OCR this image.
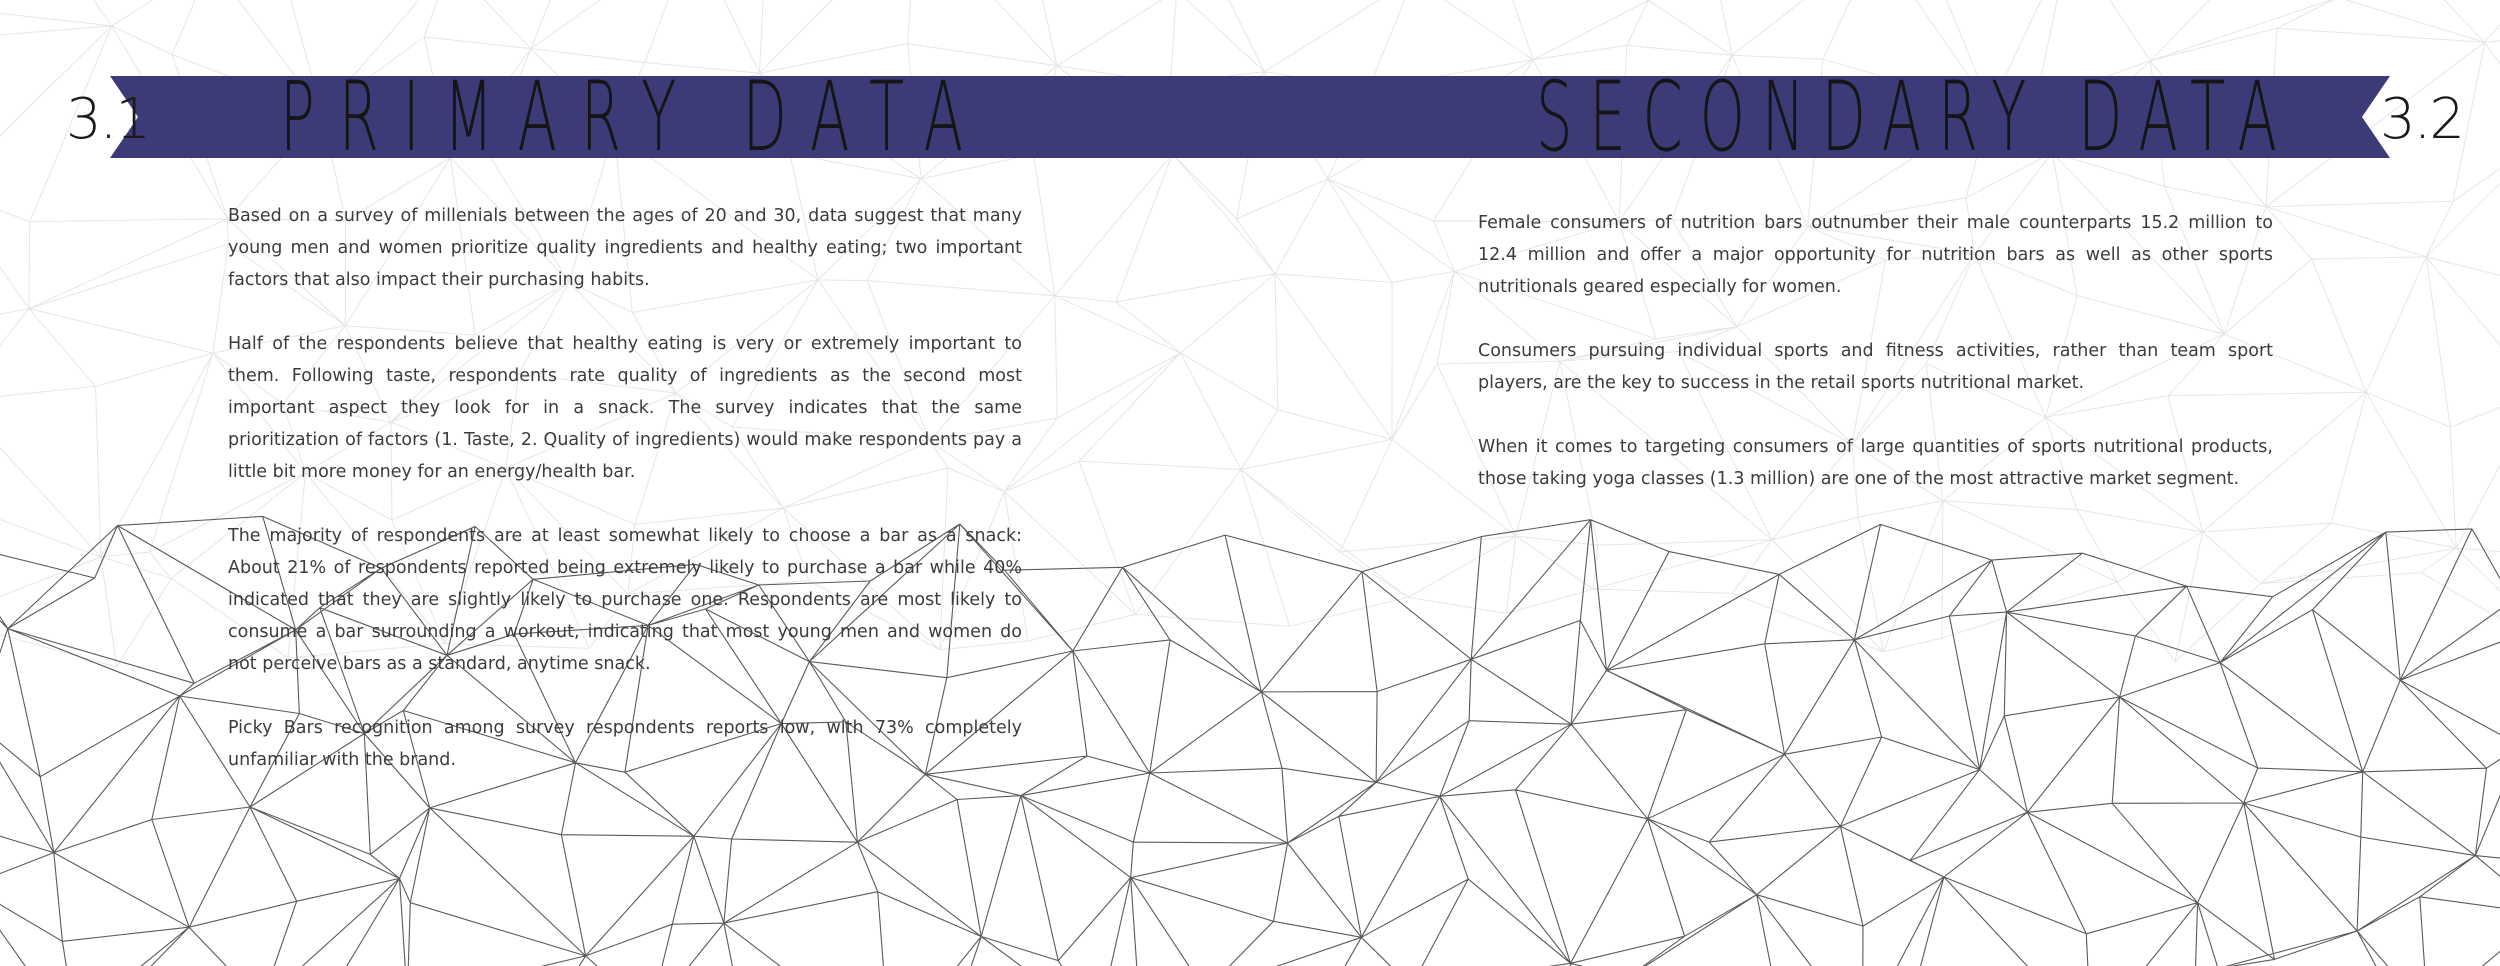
3.1	3.2
PRIMARY DATA	SECONDARY DATA

Based on a survey of millenials between the ages of 20 and 30, data suggest that many young men and women prioritize quality ingredients and healthy eating; two important factors that also impact their purchasing habits.

Half of the respondents believe that healthy eating is very or extremely important to them. Following taste, respondents rate quality of ingredients as the second most important aspect they look for in a snack. The survey indicates that the same prioritization of factors (1. Taste, 2. Quality of ingredients) would make respondents pay a little bit more money for an energy/health bar.

The majority of respondents are at least somewhat likely to choose a bar as a snack: About 21% of respondents reported being extremely likely to purchase a bar while 40% indicated that they are slightly likely to purchase one. Respondents are most likely to consume a bar surrounding a workout, indicating that most young men and women do not perceive bars as a standard, anytime snack.

Picky Bars recognition among survey respondents reports low, with 73% completely unfamiliar with the brand.

Female consumers of nutrition bars outnumber their male counterparts 15.2 million to 12.4 million and offer a major opportunity for nutrition bars as well as other sports nutritionals geared especially for women.

Consumers pursuing individual sports and fitness activities, rather than team sport players, are the key to success in the retail sports nutritional market.

When it comes to targeting consumers of large quantities of sports nutritional products, those taking yoga classes (1.3 million) are one of the most attractive market segment.
